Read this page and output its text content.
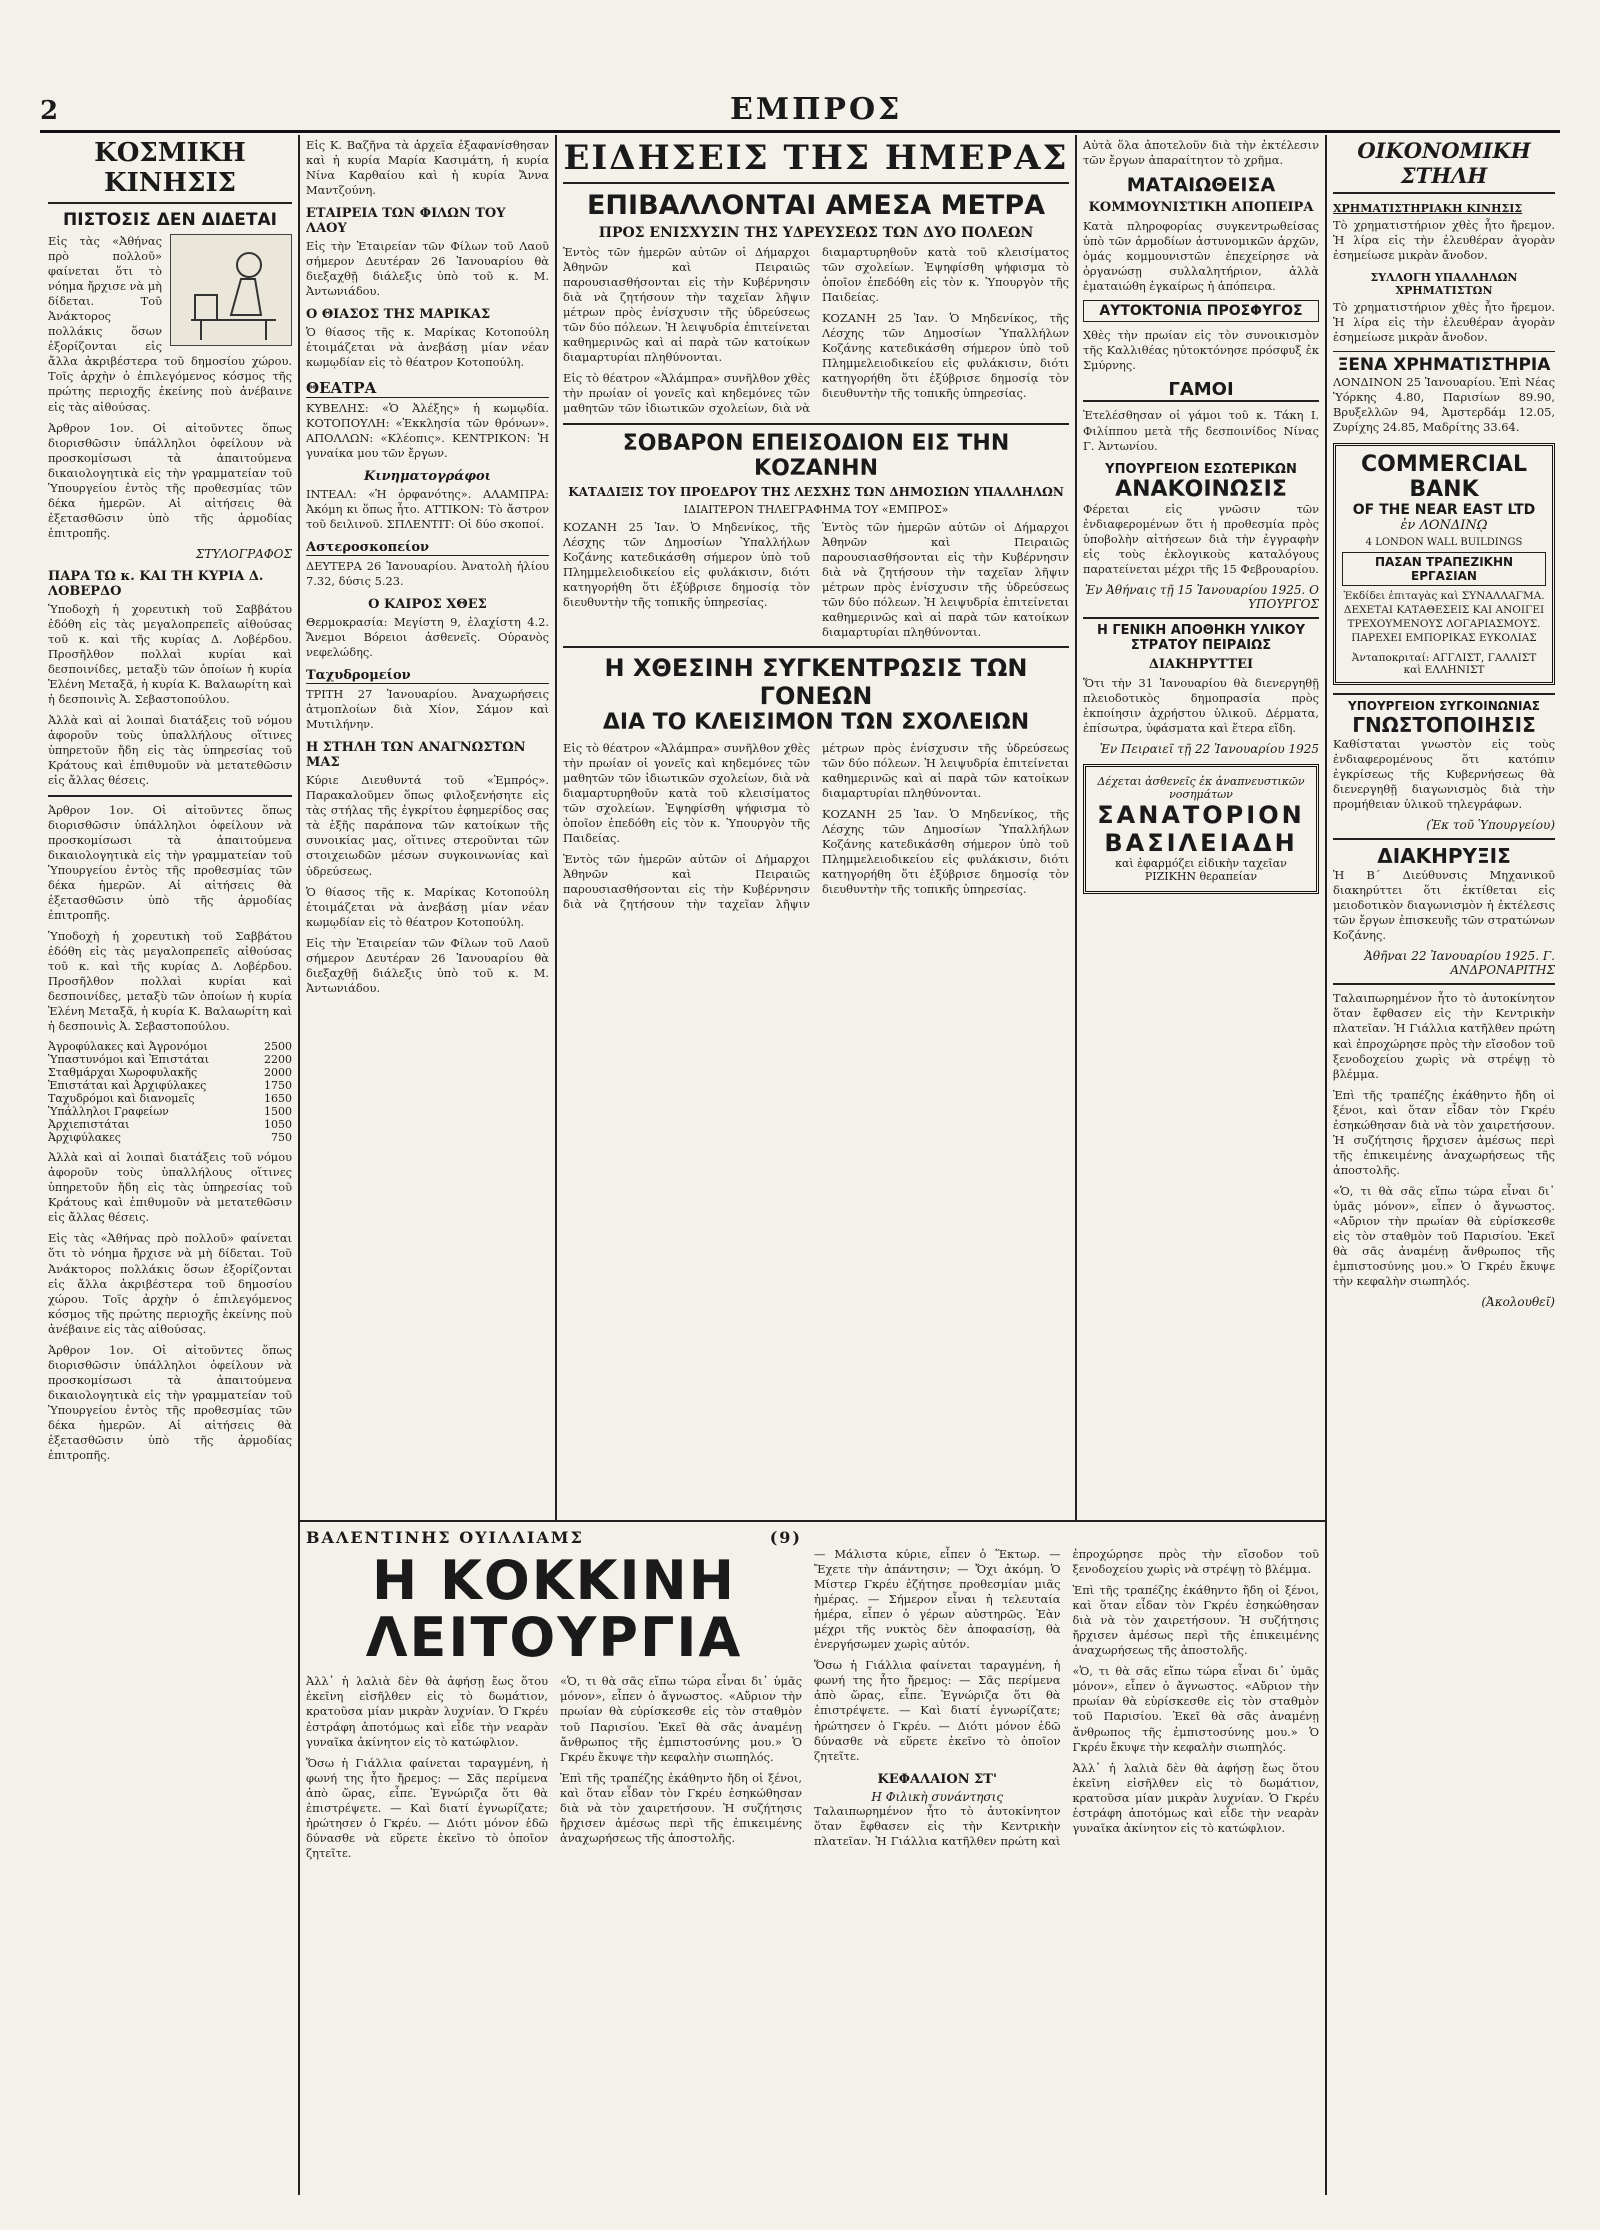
2	ΕΜΠΡΟΣ
ΚΟΣΜΙΚΗ ΚΙΝΗΣΙΣ
ΠΙΣΤΟΣΙΣ ΔΕΝ ΔΙΔΕΤΑΙ

Εἰς τὰς «Ἀθήνας πρὸ πολλοῦ» φαίνεται ὅτι τὸ νόημα ἤρχισε νὰ μὴ δίδεται. Τοῦ Ἀνάκτορος πολλάκις ὅσων ἐξορίζονται εἰς ἄλλα ἀκριβέστερα τοῦ δημοσίου χώρου. Τοῖς ἀρχὴν ὁ ἐπιλεγόμενος κόσμος τῆς πρώτης περιοχῆς ἐκείνης ποὺ ἀνέβαινε εἰς τὰς αἰθούσας.

Ἀρθρον 1ον. Οἱ αἰτοῦντες ὅπως διορισθῶσιν ὑπάλληλοι ὀφείλουν νὰ προσκομίσωσι τὰ ἀπαιτούμενα δικαιολογητικὰ εἰς τὴν γραμματείαν τοῦ Ὑπουργείου ἐντὸς τῆς προθεσμίας τῶν δέκα ἡμερῶν. Αἱ αἰτήσεις θὰ ἐξετασθῶσιν ὑπὸ τῆς ἁρμοδίας ἐπιτροπῆς.

ΣΤΥΛΟΓΡΑΦΟΣ
ΠΑΡΑ ΤΩ κ. ΚΑΙ ΤΗ ΚΥΡΙΑ Δ. ΛΟΒΕΡΔΟ

Ὑποδοχὴ ἡ χορευτικὴ τοῦ Σαββάτου ἐδόθη εἰς τὰς μεγαλοπρεπεῖς αἰθούσας τοῦ κ. καὶ τῆς κυρίας Δ. Λοβέρδου. Προσῆλθον πολλαὶ κυρίαι καὶ δεσποινίδες, μεταξὺ τῶν ὁποίων ἡ κυρία Ἑλένη Μεταξᾶ, ἡ κυρία Κ. Βαλαωρίτη καὶ ἡ δεσποινὶς Ἀ. Σεβαστοπούλου.

Ἀλλὰ καὶ αἱ λοιπαὶ διατάξεις τοῦ νόμου ἀφοροῦν τοὺς ὑπαλλήλους οἵτινες ὑπηρετοῦν ἤδη εἰς τὰς ὑπηρεσίας τοῦ Κράτους καὶ ἐπιθυμοῦν νὰ μετατεθῶσιν εἰς ἄλλας θέσεις.

Ἀρθρον 1ον. Οἱ αἰτοῦντες ὅπως διορισθῶσιν ὑπάλληλοι ὀφείλουν νὰ προσκομίσωσι τὰ ἀπαιτούμενα δικαιολογητικὰ εἰς τὴν γραμματείαν τοῦ Ὑπουργείου ἐντὸς τῆς προθεσμίας τῶν δέκα ἡμερῶν. Αἱ αἰτήσεις θὰ ἐξετασθῶσιν ὑπὸ τῆς ἁρμοδίας ἐπιτροπῆς.

Ὑποδοχὴ ἡ χορευτικὴ τοῦ Σαββάτου ἐδόθη εἰς τὰς μεγαλοπρεπεῖς αἰθούσας τοῦ κ. καὶ τῆς κυρίας Δ. Λοβέρδου. Προσῆλθον πολλαὶ κυρίαι καὶ δεσποινίδες, μεταξὺ τῶν ὁποίων ἡ κυρία Ἑλένη Μεταξᾶ, ἡ κυρία Κ. Βαλαωρίτη καὶ ἡ δεσποινὶς Ἀ. Σεβαστοπούλου.

Ἀγροφύλακες καὶ Ἀγρονόμοι	2500
Ὑπαστυνόμοι καὶ Ἐπιστάται	2200
Σταθμάρχαι Χωροφυλακῆς	2000
Ἐπιστάται καὶ Ἀρχιφύλακες	1750
Ταχυδρόμοι καὶ διανομεῖς	1650
Ὑπάλληλοι Γραφείων	1500
Ἀρχιεπιστάται	1050
Ἀρχιφύλακες	750

Ἀλλὰ καὶ αἱ λοιπαὶ διατάξεις τοῦ νόμου ἀφοροῦν τοὺς ὑπαλλήλους οἵτινες ὑπηρετοῦν ἤδη εἰς τὰς ὑπηρεσίας τοῦ Κράτους καὶ ἐπιθυμοῦν νὰ μετατεθῶσιν εἰς ἄλλας θέσεις.

Εἰς τὰς «Ἀθήνας πρὸ πολλοῦ» φαίνεται ὅτι τὸ νόημα ἤρχισε νὰ μὴ δίδεται. Τοῦ Ἀνάκτορος πολλάκις ὅσων ἐξορίζονται εἰς ἄλλα ἀκριβέστερα τοῦ δημοσίου χώρου. Τοῖς ἀρχὴν ὁ ἐπιλεγόμενος κόσμος τῆς πρώτης περιοχῆς ἐκείνης ποὺ ἀνέβαινε εἰς τὰς αἰθούσας.

Ἀρθρον 1ον. Οἱ αἰτοῦντες ὅπως διορισθῶσιν ὑπάλληλοι ὀφείλουν νὰ προσκομίσωσι τὰ ἀπαιτούμενα δικαιολογητικὰ εἰς τὴν γραμματείαν τοῦ Ὑπουργείου ἐντὸς τῆς προθεσμίας τῶν δέκα ἡμερῶν. Αἱ αἰτήσεις θὰ ἐξετασθῶσιν ὑπὸ τῆς ἁρμοδίας ἐπιτροπῆς.

Εἰς Κ. Βαζῆνα τὰ ἀρχεῖα ἐξαφανίσθησαν καὶ ἡ κυρία Μαρία Κασιμάτη, ἡ κυρία Νίνα Καρθαίου καὶ ἡ κυρία Ἄννα Μαντζούνη.

ΕΤΑΙΡΕΙΑ ΤΩΝ ΦΙΛΩΝ ΤΟΥ ΛΑΟΥ

Εἰς τὴν Ἑταιρείαν τῶν Φίλων τοῦ Λαοῦ σήμερον Δευτέραν 26 Ἰανουαρίου θὰ διεξαχθῇ διάλεξις ὑπὸ τοῦ κ. Μ. Ἀντωνιάδου.

Ο ΘΙΑΣΟΣ ΤΗΣ ΜΑΡΙΚΑΣ

Ὁ θίασος τῆς κ. Μαρίκας Κοτοπούλη ἑτοιμάζεται νὰ ἀνεβάσῃ μίαν νέαν κωμῳδίαν εἰς τὸ θέατρον Κοτοπούλη.

ΘΕΑΤΡΑ

ΚΥΒΕΛΗΣ: «Ὁ Ἀλέξης» ἡ κωμῳδία. ΚΟΤΟΠΟΥΛΗ: «Ἐκκλησία τῶν θρόνων». ΑΠΟΛΛΩΝ: «Κλέοπις». ΚΕΝΤΡΙΚΟΝ: Ἡ γυναίκα μου τῶν ἔργων.

Κινηματογράφοι

ΙΝΤΕΑΛ: «Ἡ ὀρφανότης». ΑΛΑΜΠΡΑ: Ἀκόμη κι ὅπως ἦτο. ΑΤΤΙΚΟΝ: Τὸ ἄστρον τοῦ δειλινοῦ. ΣΠΛΕΝΤΙΤ: Οἱ δύο σκοποί.

Αστεροσκοπείον

ΔΕΥΤΕΡΑ 26 Ἰανουαρίου. Ἀνατολὴ ἡλίου 7.32, δύσις 5.23.

Ο ΚΑΙΡΟΣ ΧΘΕΣ

Θερμοκρασία: Μεγίστη 9, ἐλαχίστη 4.2. Ἄνεμοι Βόρειοι ἀσθενεῖς. Οὐρανὸς νεφελώδης.

Ταχυδρομείον

ΤΡΙΤΗ 27 Ἰανουαρίου. Ἀναχωρήσεις ἀτμοπλοίων διὰ Χίον, Σάμον καὶ Μυτιλήνην.

Η ΣΤΗΛΗ ΤΩΝ ΑΝΑΓΝΩΣΤΩΝ ΜΑΣ

Κύριε Διευθυντά τοῦ «Ἐμπρός». Παρακαλοῦμεν ὅπως φιλοξενήσητε εἰς τὰς στήλας τῆς ἐγκρίτου ἐφημερίδος σας τὰ ἑξῆς παράπονα τῶν κατοίκων τῆς συνοικίας μας, οἵτινες στεροῦνται τῶν στοιχειωδῶν μέσων συγκοινωνίας καὶ ὑδρεύσεως.

Ὁ θίασος τῆς κ. Μαρίκας Κοτοπούλη ἑτοιμάζεται νὰ ἀνεβάσῃ μίαν νέαν κωμῳδίαν εἰς τὸ θέατρον Κοτοπούλη.

Εἰς τὴν Ἑταιρείαν τῶν Φίλων τοῦ Λαοῦ σήμερον Δευτέραν 26 Ἰανουαρίου θὰ διεξαχθῇ διάλεξις ὑπὸ τοῦ κ. Μ. Ἀντωνιάδου.

ΕΙΔΗΣΕΙΣ ΤΗΣ ΗΜΕΡΑΣ
ΕΠΙΒΑΛΛΟΝΤΑΙ ΑΜΕΣΑ ΜΕΤΡΑ
ΠΡΟΣ ΕΝΙΣΧΥΣΙΝ ΤΗΣ ΥΔΡΕΥΣΕΩΣ ΤΩΝ ΔΥΟ ΠΟΛΕΩΝ

Ἐντὸς τῶν ἡμερῶν αὐτῶν οἱ Δήμαρχοι Ἀθηνῶν καὶ Πειραιῶς παρουσιασθήσονται εἰς τὴν Κυβέρνησιν διὰ νὰ ζητήσουν τὴν ταχεῖαν λῆψιν μέτρων πρὸς ἐνίσχυσιν τῆς ὑδρεύσεως τῶν δύο πόλεων. Ἡ λειψυδρία ἐπιτείνεται καθημερινῶς καὶ αἱ παρὰ τῶν κατοίκων διαμαρτυρίαι πληθύνονται.

Εἰς τὸ θέατρον «Ἀλάμπρα» συνῆλθον χθὲς τὴν πρωίαν οἱ γονεῖς καὶ κηδεμόνες τῶν μαθητῶν τῶν ἰδιωτικῶν σχολείων, διὰ νὰ διαμαρτυρηθοῦν κατὰ τοῦ κλεισίματος τῶν σχολείων. Ἐψηφίσθη ψήφισμα τὸ ὁποῖον ἐπεδόθη εἰς τὸν κ. Ὑπουργὸν τῆς Παιδείας.

ΚΟΖΑΝΗ 25 Ἰαν. Ὁ Μηδενίκος, τῆς Λέσχης τῶν Δημοσίων Ὑπαλλήλων Κοζάνης κατεδικάσθη σήμερον ὑπὸ τοῦ Πλημμελειοδικείου εἰς φυλάκισιν, διότι κατηγορήθη ὅτι ἐξύβρισε δημοσίᾳ τὸν διευθυντὴν τῆς τοπικῆς ὑπηρεσίας.

ΣΟΒΑΡΟΝ ΕΠΕΙΣΟΔΙΟΝ ΕΙΣ ΤΗΝ ΚΟΖΑΝΗΝ
ΚΑΤΑΔΙΞΙΣ ΤΟΥ ΠΡΟΕΔΡΟΥ ΤΗΣ ΛΕΣΧΗΣ ΤΩΝ ΔΗΜΟΣΙΩΝ ΥΠΑΛΛΗΛΩΝ
ΙΔΙΑΙΤΕΡΟΝ ΤΗΛΕΓΡΑΦΗΜΑ ΤΟΥ «ΕΜΠΡΟΣ»

ΚΟΖΑΝΗ 25 Ἰαν. Ὁ Μηδενίκος, τῆς Λέσχης τῶν Δημοσίων Ὑπαλλήλων Κοζάνης κατεδικάσθη σήμερον ὑπὸ τοῦ Πλημμελειοδικείου εἰς φυλάκισιν, διότι κατηγορήθη ὅτι ἐξύβρισε δημοσίᾳ τὸν διευθυντὴν τῆς τοπικῆς ὑπηρεσίας.

Ἐντὸς τῶν ἡμερῶν αὐτῶν οἱ Δήμαρχοι Ἀθηνῶν καὶ Πειραιῶς παρουσιασθήσονται εἰς τὴν Κυβέρνησιν διὰ νὰ ζητήσουν τὴν ταχεῖαν λῆψιν μέτρων πρὸς ἐνίσχυσιν τῆς ὑδρεύσεως τῶν δύο πόλεων. Ἡ λειψυδρία ἐπιτείνεται καθημερινῶς καὶ αἱ παρὰ τῶν κατοίκων διαμαρτυρίαι πληθύνονται.

Η ΧΘΕΣΙΝΗ ΣΥΓΚΕΝΤΡΩΣΙΣ ΤΩΝ ΓΟΝΕΩΝ
ΔΙΑ ΤΟ ΚΛΕΙΣΙΜΟΝ ΤΩΝ ΣΧΟΛΕΙΩΝ

Εἰς τὸ θέατρον «Ἀλάμπρα» συνῆλθον χθὲς τὴν πρωίαν οἱ γονεῖς καὶ κηδεμόνες τῶν μαθητῶν τῶν ἰδιωτικῶν σχολείων, διὰ νὰ διαμαρτυρηθοῦν κατὰ τοῦ κλεισίματος τῶν σχολείων. Ἐψηφίσθη ψήφισμα τὸ ὁποῖον ἐπεδόθη εἰς τὸν κ. Ὑπουργὸν τῆς Παιδείας.

Ἐντὸς τῶν ἡμερῶν αὐτῶν οἱ Δήμαρχοι Ἀθηνῶν καὶ Πειραιῶς παρουσιασθήσονται εἰς τὴν Κυβέρνησιν διὰ νὰ ζητήσουν τὴν ταχεῖαν λῆψιν μέτρων πρὸς ἐνίσχυσιν τῆς ὑδρεύσεως τῶν δύο πόλεων. Ἡ λειψυδρία ἐπιτείνεται καθημερινῶς καὶ αἱ παρὰ τῶν κατοίκων διαμαρτυρίαι πληθύνονται.

ΚΟΖΑΝΗ 25 Ἰαν. Ὁ Μηδενίκος, τῆς Λέσχης τῶν Δημοσίων Ὑπαλλήλων Κοζάνης κατεδικάσθη σήμερον ὑπὸ τοῦ Πλημμελειοδικείου εἰς φυλάκισιν, διότι κατηγορήθη ὅτι ἐξύβρισε δημοσίᾳ τὸν διευθυντὴν τῆς τοπικῆς ὑπηρεσίας.

Αὐτὰ ὅλα ἀποτελοῦν διὰ τὴν ἐκτέλεσιν τῶν ἔργων ἀπαραίτητον τὸ χρῆμα.

ΜΑΤΑΙΩΘΕΙΣΑ
ΚΟΜΜΟΥΝΙΣΤΙΚΗ ΑΠΟΠΕΙΡΑ

Κατὰ πληροφορίας συγκεντρωθείσας ὑπὸ τῶν ἁρμοδίων ἀστυνομικῶν ἀρχῶν, ὁμάς κομμουνιστῶν ἐπεχείρησε νὰ ὀργανώσῃ συλλαλητήριον, ἀλλὰ ἐματαιώθη ἐγκαίρως ἡ ἀπόπειρα.

ΑΥΤΟΚΤΟΝΙΑ ΠΡΟΣΦΥΓΟΣ

Χθὲς τὴν πρωίαν εἰς τὸν συνοικισμὸν τῆς Καλλιθέας ηὐτοκτόνησε πρόσφυξ ἐκ Σμύρνης.

ΓΑΜΟΙ

Ἐτελέσθησαν οἱ γάμοι τοῦ κ. Τάκη Ι. Φιλίππου μετὰ τῆς δεσποινίδος Νίνας Γ. Ἀντωνίου.

ΥΠΟΥΡΓΕΙΟΝ ΕΣΩΤΕΡΙΚΩΝ
ΑΝΑΚΟΙΝΩΣΙΣ

Φέρεται εἰς γνῶσιν τῶν ἐνδιαφερομένων ὅτι ἡ προθεσμία πρὸς ὑποβολὴν αἰτήσεων διὰ τὴν ἐγγραφὴν εἰς τοὺς ἐκλογικοὺς καταλόγους παρατείνεται μέχρι τῆς 15 Φεβρουαρίου.

Ἐν Ἀθήναις τῇ 15 Ἰανουαρίου 1925. Ο ΥΠΟΥΡΓΟΣ
Η ΓΕΝΙΚΗ ΑΠΟΘΗΚΗ ΥΛΙΚΟΥ ΣΤΡΑΤΟΥ ΠΕΙΡΑΙΩΣ
ΔΙΑΚΗΡΥΤΤΕΙ

Ὅτι τὴν 31 Ἰανουαρίου θὰ διενεργηθῇ πλειοδοτικὸς δημοπρασία πρὸς ἐκποίησιν ἀχρήστου ὑλικοῦ. Δέρματα, ἐπίσωτρα, ὑφάσματα καὶ ἕτερα εἴδη.

Ἐν Πειραιεῖ τῇ 22 Ἰανουαρίου 1925
Δέχεται ἀσθενεῖς ἐκ ἀναπνευστικῶν νοσημάτων
ΣΑΝΑΤΟΡΙΟΝ ΒΑΣΙΛΕΙΑΔΗ
καὶ ἐφαρμόζει εἰδικὴν ταχεῖαν ΡΙΖΙΚΗΝ θεραπείαν
ΟΙΚΟΝΟΜΙΚΗ ΣΤΗΛΗ
ΧΡΗΜΑΤΙΣΤΗΡΙΑΚΗ ΚΙΝΗΣΙΣ

Τὸ χρηματιστήριον χθὲς ἦτο ἤρεμον. Ἡ λίρα εἰς τὴν ἐλευθέραν ἀγορὰν ἐσημείωσε μικρὰν ἄνοδον.

ΣΥΛΛΟΓΗ ΥΠΑΛΛΗΛΩΝ ΧΡΗΜΑΤΙΣΤΩΝ

Τὸ χρηματιστήριον χθὲς ἦτο ἤρεμον. Ἡ λίρα εἰς τὴν ἐλευθέραν ἀγορὰν ἐσημείωσε μικρὰν ἄνοδον.

ΞΕΝΑ ΧΡΗΜΑΤΙΣΤΗΡΙΑ

ΛΟΝΔΙΝΟΝ 25 Ἰανουαρίου. Ἐπὶ Νέας Ὑόρκης 4.80, Παρισίων 89.90, Βρυξελλῶν 94, Ἀμστερδάμ 12.05, Ζυρίχης 24.85, Μαδρίτης 33.64.

COMMERCIAL BANK
OF THE NEAR EAST LTD
ἐν ΛΟΝΔΙΝῼ
4 LONDON WALL BUILDINGS
ΠΑΣΑΝ ΤΡΑΠΕΖΙΚΗΝ ΕΡΓΑΣΙΑΝ

Ἐκδίδει ἐπιταγὰς καὶ ΣΥΝΑΛΛΑΓΜΑ. ΔΕΧΕΤΑΙ ΚΑΤΑΘΕΣΕΙΣ ΚΑΙ ΑΝΟΙΓΕΙ ΤΡΕΧΟΥΜΕΝΟΥΣ ΛΟΓΑΡΙΑΣΜΟΥΣ. ΠΑΡΕΧΕΙ ΕΜΠΟΡΙΚΑΣ ΕΥΚΟΛΙΑΣ

Ἀνταποκριταί: ΑΓΓΛΙΣΤ, ΓΑΛΛΙΣΤ καὶ ΕΛΛΗΝΙΣΤ
ΥΠΟΥΡΓΕΙΟΝ ΣΥΓΚΟΙΝΩΝΙΑΣ
ΓΝΩΣΤΟΠΟΙΗΣΙΣ

Καθίσταται γνωστὸν εἰς τοὺς ἐνδιαφερομένους ὅτι κατόπιν ἐγκρίσεως τῆς Κυβερνήσεως θὰ διενεργηθῇ διαγωνισμὸς διὰ τὴν προμήθειαν ὑλικοῦ τηλεγράφων.

(Ἐκ τοῦ Ὑπουργείου)
ΔΙΑΚΗΡΥΞΙΣ

Ἡ Β΄ Διεύθυνσις Μηχανικοῦ διακηρύττει ὅτι ἐκτίθεται εἰς μειοδοτικὸν διαγωνισμὸν ἡ ἐκτέλεσις τῶν ἔργων ἐπισκευῆς τῶν στρατώνων Κοζάνης.

Ἀθῆναι 22 Ἰανουαρίου 1925. Γ. ΑΝΔΡΟΝΑΡΙΤΗΣ

Ταλαιπωρημένον ἦτο τὸ ἀυτοκίνητον ὅταν ἔφθασεν εἰς τὴν Κεντρικὴν πλατεῖαν. Ἡ Γιάλλια κατῆλθεν πρώτη καὶ ἐπροχώρησε πρὸς τὴν εἴσοδον τοῦ ξενοδοχείου χωρὶς νὰ στρέψῃ τὸ βλέμμα.

Ἐπὶ τῆς τραπέζης ἐκάθηντο ἤδη οἱ ξένοι, καὶ ὅταν εἶδαν τὸν Γκρέυ ἐσηκώθησαν διὰ νὰ τὸν χαιρετήσουν. Ἡ συζήτησις ἤρχισεν ἀμέσως περὶ τῆς ἐπικειμένης ἀναχωρήσεως τῆς ἀποστολῆς.

«Ὁ, τι θὰ σᾶς εἴπω τώρα εἶναι δι᾽ ὑμᾶς μόνον», εἶπεν ὁ ἄγνωστος. «Αὔριον τὴν πρωίαν θὰ εὑρίσκεσθε εἰς τὸν σταθμὸν τοῦ Παρισίου. Ἐκεῖ θὰ σᾶς ἀναμένῃ ἄνθρωπος τῆς ἐμπιστοσύνης μου.» Ὁ Γκρέυ ἔκυψε τὴν κεφαλὴν σιωπηλός.

(Ἀκολουθεῖ)
ΒΑΛΕΝΤΙΝΗΣ ΟΥΙΛΛΙΑΜΣ	(9)
Η ΚΟΚΚΙΝΗ ΛΕΙΤΟΥΡΓΙΑ

Ἀλλ᾽ ἡ λαλιὰ δὲν θὰ ἀφήσῃ ἔως ὅτου ἐκεῖνη εἰσῆλθεν εἰς τὸ δωμάτιον, κρατοῦσα μίαν μικρὰν λυχνίαν. Ὁ Γκρέυ ἐστράφη ἀποτόμως καὶ εἶδε τὴν νεαρὰν γυναῖκα ἀκίνητον εἰς τὸ κατώφλιον.

Ὅσω ἡ Γιάλλια φαίνεται ταραγμένη, ἡ φωνή της ἦτο ἤρεμος: — Σᾶς περίμενα ἀπὸ ὥρας, εἶπε. Ἐγνώριζα ὅτι θὰ ἐπιστρέψετε. — Καὶ διατί ἐγνωρίζατε; ἠρώτησεν ὁ Γκρέυ. — Διότι μόνον ἐδῶ δύνασθε νὰ εὕρετε ἐκεῖνο τὸ ὁποῖον ζητεῖτε.

«Ὁ, τι θὰ σᾶς εἴπω τώρα εἶναι δι᾽ ὑμᾶς μόνον», εἶπεν ὁ ἄγνωστος. «Αὔριον τὴν πρωίαν θὰ εὑρίσκεσθε εἰς τὸν σταθμὸν τοῦ Παρισίου. Ἐκεῖ θὰ σᾶς ἀναμένῃ ἄνθρωπος τῆς ἐμπιστοσύνης μου.» Ὁ Γκρέυ ἔκυψε τὴν κεφαλὴν σιωπηλός.

Ἐπὶ τῆς τραπέζης ἐκάθηντο ἤδη οἱ ξένοι, καὶ ὅταν εἶδαν τὸν Γκρέυ ἐσηκώθησαν διὰ νὰ τὸν χαιρετήσουν. Ἡ συζήτησις ἤρχισεν ἀμέσως περὶ τῆς ἐπικειμένης ἀναχωρήσεως τῆς ἀποστολῆς.

— Μάλιστα κύριε, εἶπεν ὁ Ἕκτωρ. — Ἔχετε τὴν ἀπάντησιν; — Ὄχι ἀκόμη. Ὁ Μίστερ Γκρέυ ἐζήτησε προθεσμίαν μιᾶς ἡμέρας. — Σήμερον εἶναι ἡ τελευταία ἡμέρα, εἶπεν ὁ γέρων αὐστηρῶς. Ἐὰν μέχρι τῆς νυκτὸς δὲν ἀποφασίσῃ, θὰ ἐνεργήσωμεν χωρὶς αὐτόν.

Ὅσω ἡ Γιάλλια φαίνεται ταραγμένη, ἡ φωνή της ἦτο ἤρεμος: — Σᾶς περίμενα ἀπὸ ὥρας, εἶπε. Ἐγνώριζα ὅτι θὰ ἐπιστρέψετε. — Καὶ διατί ἐγνωρίζατε; ἠρώτησεν ὁ Γκρέυ. — Διότι μόνον ἐδῶ δύνασθε νὰ εὕρετε ἐκεῖνο τὸ ὁποῖον ζητεῖτε.

ΚΕΦΑΛΑΙΟΝ ΣΤ'
Η Φιλικὴ συνάντησις

Ταλαιπωρημένον ἦτο τὸ ἀυτοκίνητον ὅταν ἔφθασεν εἰς τὴν Κεντρικὴν πλατεῖαν. Ἡ Γιάλλια κατῆλθεν πρώτη καὶ ἐπροχώρησε πρὸς τὴν εἴσοδον τοῦ ξενοδοχείου χωρὶς νὰ στρέψῃ τὸ βλέμμα.

Ἐπὶ τῆς τραπέζης ἐκάθηντο ἤδη οἱ ξένοι, καὶ ὅταν εἶδαν τὸν Γκρέυ ἐσηκώθησαν διὰ νὰ τὸν χαιρετήσουν. Ἡ συζήτησις ἤρχισεν ἀμέσως περὶ τῆς ἐπικειμένης ἀναχωρήσεως τῆς ἀποστολῆς.

«Ὁ, τι θὰ σᾶς εἴπω τώρα εἶναι δι᾽ ὑμᾶς μόνον», εἶπεν ὁ ἄγνωστος. «Αὔριον τὴν πρωίαν θὰ εὑρίσκεσθε εἰς τὸν σταθμὸν τοῦ Παρισίου. Ἐκεῖ θὰ σᾶς ἀναμένῃ ἄνθρωπος τῆς ἐμπιστοσύνης μου.» Ὁ Γκρέυ ἔκυψε τὴν κεφαλὴν σιωπηλός.

Ἀλλ᾽ ἡ λαλιὰ δὲν θὰ ἀφήσῃ ἔως ὅτου ἐκεῖνη εἰσῆλθεν εἰς τὸ δωμάτιον, κρατοῦσα μίαν μικρὰν λυχνίαν. Ὁ Γκρέυ ἐστράφη ἀποτόμως καὶ εἶδε τὴν νεαρὰν γυναῖκα ἀκίνητον εἰς τὸ κατώφλιον.
